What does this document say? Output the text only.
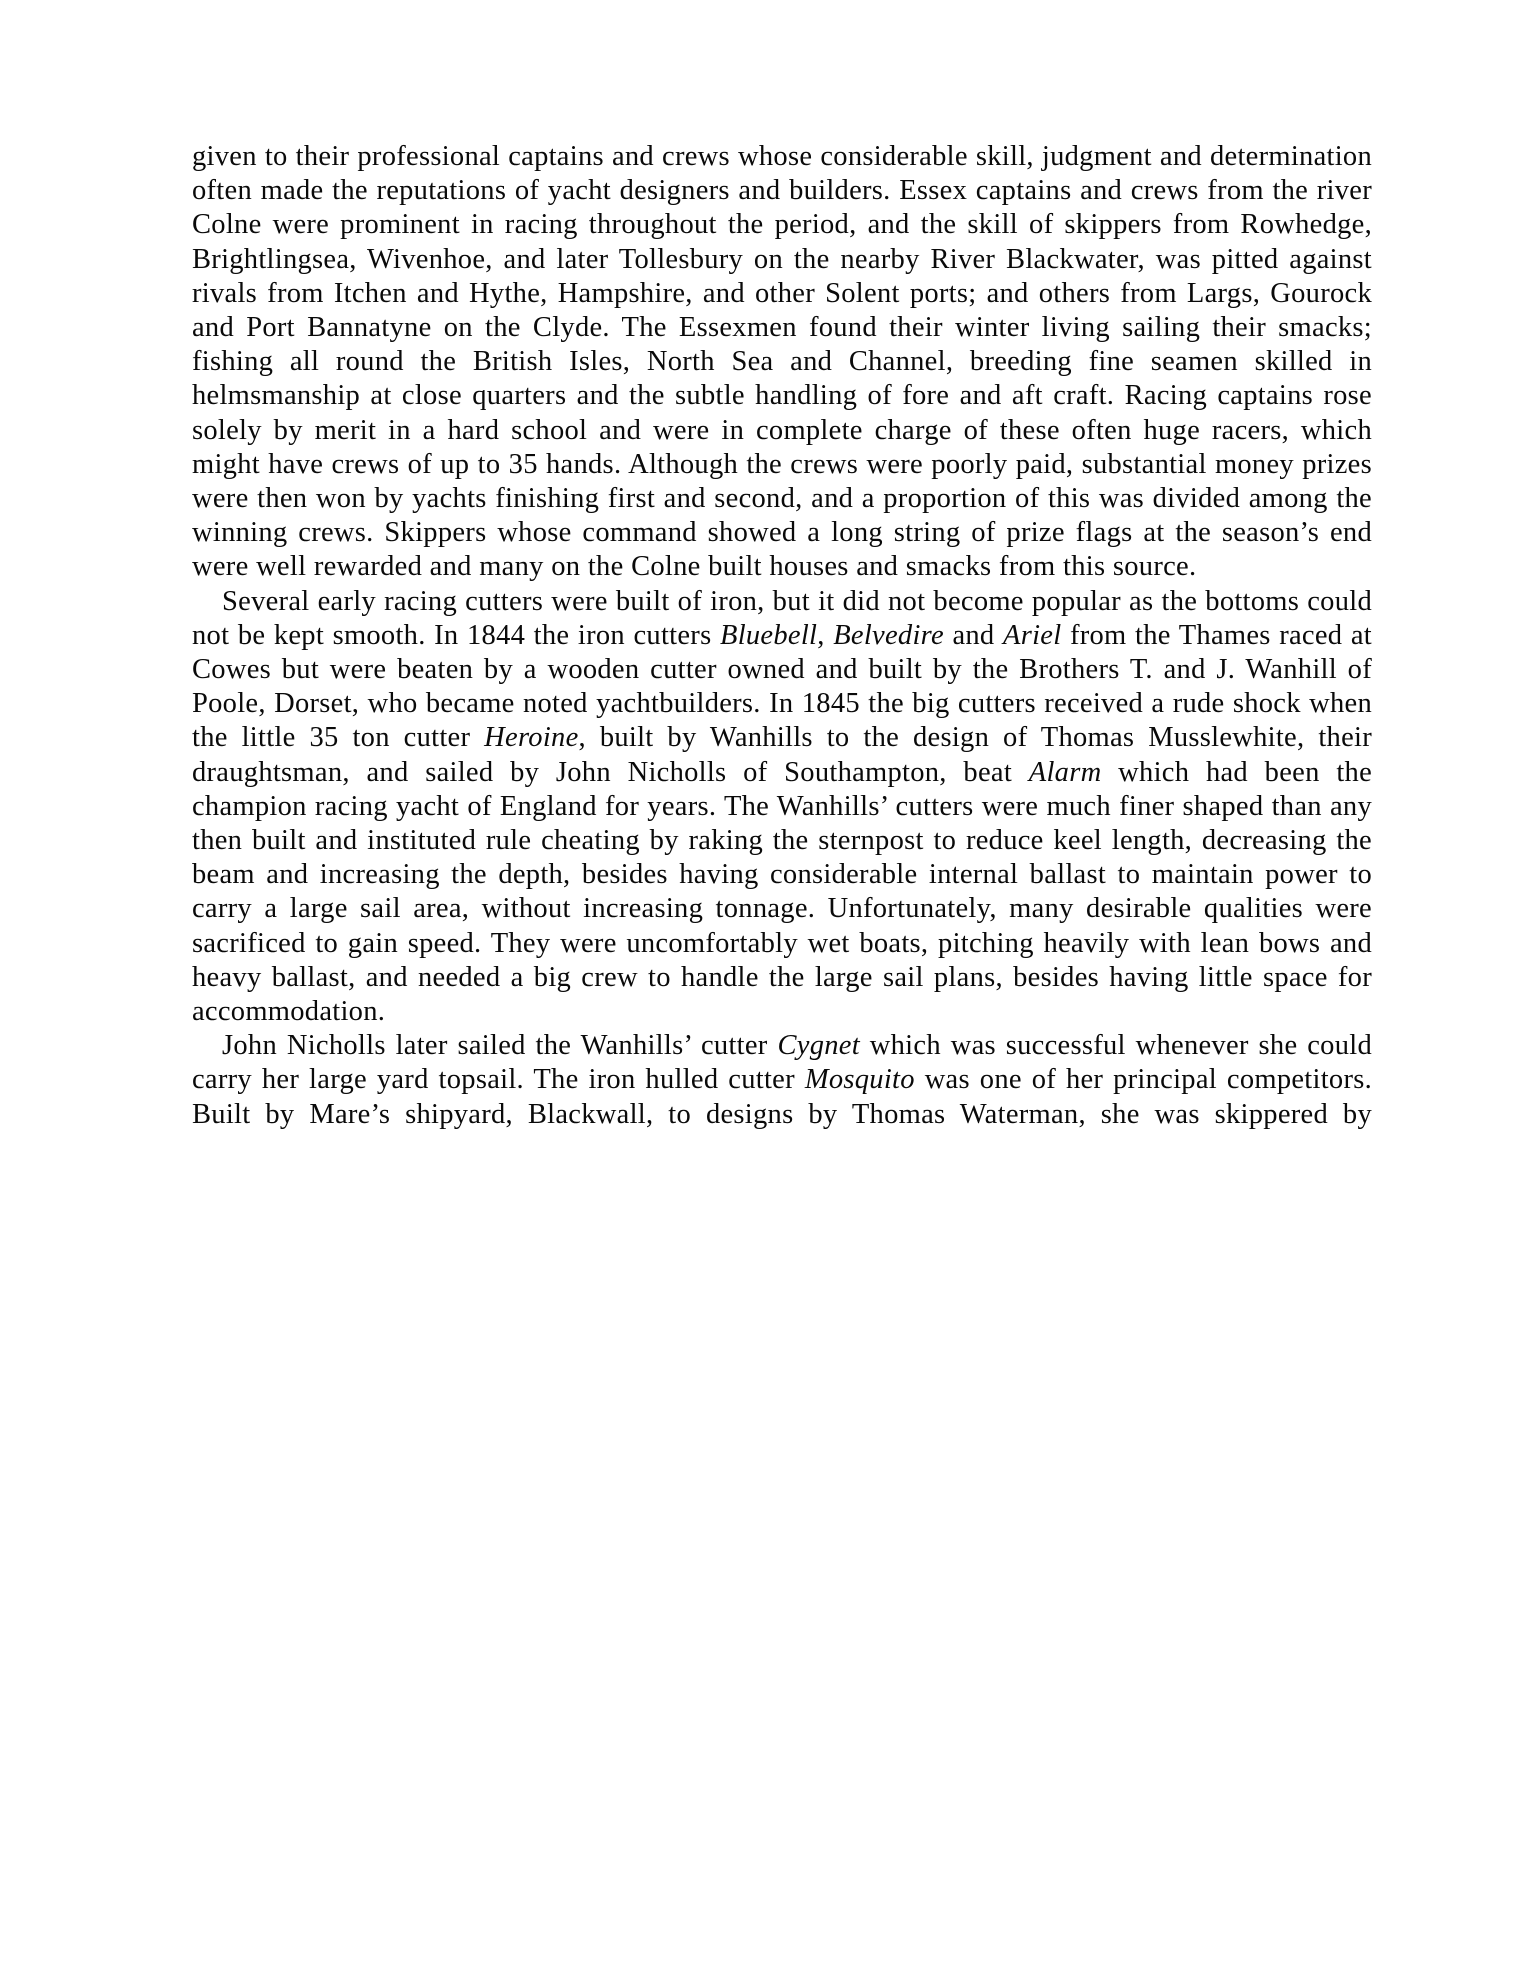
given to their professional captains and crews whose considerable skill, judgment and determination often made the reputations of yacht designers and builders. Essex captains and crews from the river Colne were prominent in racing throughout the period, and the skill of skippers from Rowhedge, Brightlingsea, Wivenhoe, and later Tollesbury on the nearby River Blackwater, was pitted against rivals from Itchen and Hythe, Hampshire, and other Solent ports; and others from Largs, Gourock and Port Bannatyne on the Clyde. The Essexmen found their winter living sailing their smacks; fishing all round the British Isles, North Sea and Channel, breeding fine seamen skilled in helmsmanship at close quarters and the subtle handling of fore and aft craft. Racing captains rose solely by merit in a hard school and were in complete charge of these often huge racers, which might have crews of up to 35 hands. Although the crews were poorly paid, substantial money prizes were then won by yachts finishing first and second, and a proportion of this was divided among the winning crews. Skippers whose command showed a long string of prize flags at the season’s end were well rewarded and many on the Colne built houses and smacks from this source.

Several early racing cutters were built of iron, but it did not become popular as the bottoms could not be kept smooth. In 1844 the iron cutters Bluebell, Belvedire and Ariel from the Thames raced at Cowes but were beaten by a wooden cutter owned and built by the Brothers T. and J. Wanhill of Poole, Dorset, who became noted yachtbuilders. In 1845 the big cutters received a rude shock when the little 35 ton cutter Heroine, built by Wanhills to the design of Thomas Musslewhite, their draughtsman, and sailed by John Nicholls of Southampton, beat Alarm which had been the champion racing yacht of England for years. The Wanhills’ cutters were much finer shaped than any then built and instituted rule cheating by raking the sternpost to reduce keel length, decreasing the beam and increasing the depth, besides having considerable internal ballast to maintain power to carry a large sail area, without increasing tonnage. Unfortunately, many desirable qualities were sacrificed to gain speed. They were uncomfortably wet boats, pitching heavily with lean bows and heavy ballast, and needed a big crew to handle the large sail plans, besides having little space for accommodation.

John Nicholls later sailed the Wanhills’ cutter Cygnet which was successful whenever she could carry her large yard topsail. The iron hulled cutter Mosquito was one of her principal competitors. Built by Mare’s shipyard, Blackwall, to designs by Thomas Waterman, she was skippered by
